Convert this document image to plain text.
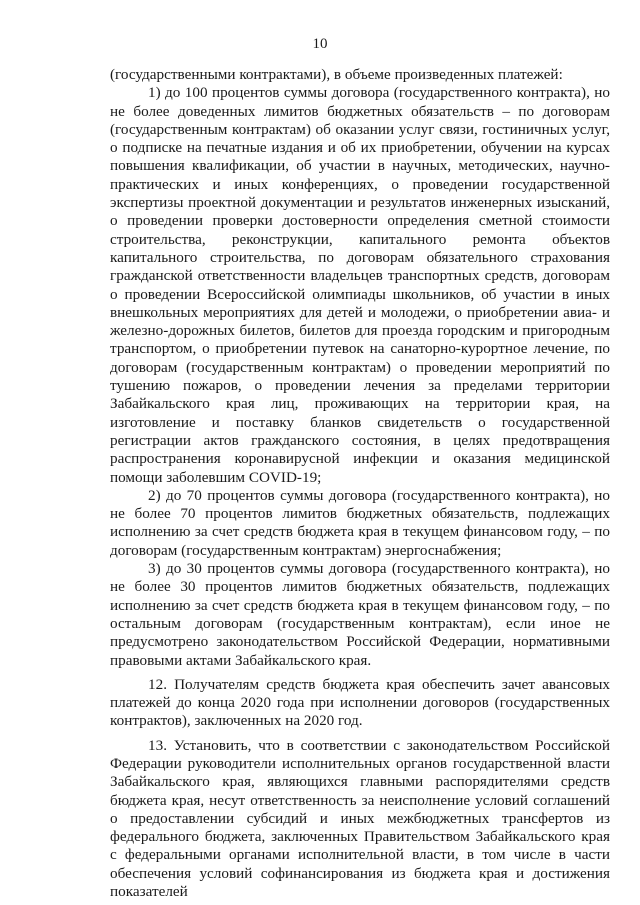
10

(государственными контрактами), в объеме произведенных платежей:

1) до 100 процентов суммы договора (государственного контракта), но не более доведенных лимитов бюджетных обязательств – по договорам (государственным контрактам) об оказании услуг связи, гостиничных услуг, о подписке на печатные издания и об их приобретении, обучении на курсах повышения квалификации, об участии в научных, методических, научно-практических и иных конференциях, о проведении государственной экспертизы проектной документации и результатов инженерных изысканий, о проведении проверки достоверности определения сметной стоимости строительства, реконструкции, капитального ремонта объектов капитального строительства, по договорам обязательного страхования гражданской ответственности владельцев транспортных средств, договорам о проведении Всероссийской олимпиады школьников, об участии в иных внешкольных мероприятиях для детей и молодежи, о приобретении авиа- и железно-дорожных билетов, билетов для проезда городским и пригородным транспортом, о приобретении путевок на санаторно-курортное лечение, по договорам (государственным контрактам) о проведении мероприятий по тушению пожаров, о проведении лечения за пределами территории Забайкальского края лиц, проживающих на территории края, на изготовление и поставку бланков свидетельств о государственной регистрации актов гражданского состояния, в целях предотвращения распространения коронавирусной инфекции и оказания медицинской помощи заболевшим COVID-19;

2) до 70 процентов суммы договора (государственного контракта), но не более 70 процентов лимитов бюджетных обязательств, подлежащих исполнению за счет средств бюджета края в текущем финансовом году, – по договорам (государственным контрактам) энергоснабжения;

3) до 30 процентов суммы договора (государственного контракта), но не более 30 процентов лимитов бюджетных обязательств, подлежащих исполнению за счет средств бюджета края в текущем финансовом году, – по остальным договорам (государственным контрактам), если иное не предусмотрено законодательством Российской Федерации, нормативными правовыми актами Забайкальского края.

12. Получателям средств бюджета края обеспечить зачет авансовых платежей до конца 2020 года при исполнении договоров (государственных контрактов), заключенных на 2020 год.

13. Установить, что в соответствии с законодательством Российской Федерации руководители исполнительных органов государственной власти Забайкальского края, являющихся главными распорядителями средств бюджета края, несут ответственность за неисполнение условий соглашений о предоставлении субсидий и иных межбюджетных трансфертов из федерального бюджета, заключенных Правительством Забайкальского края с федеральными органами исполнительной власти, в том числе в части обеспечения условий софинансирования из бюджета края и достижения показателей
